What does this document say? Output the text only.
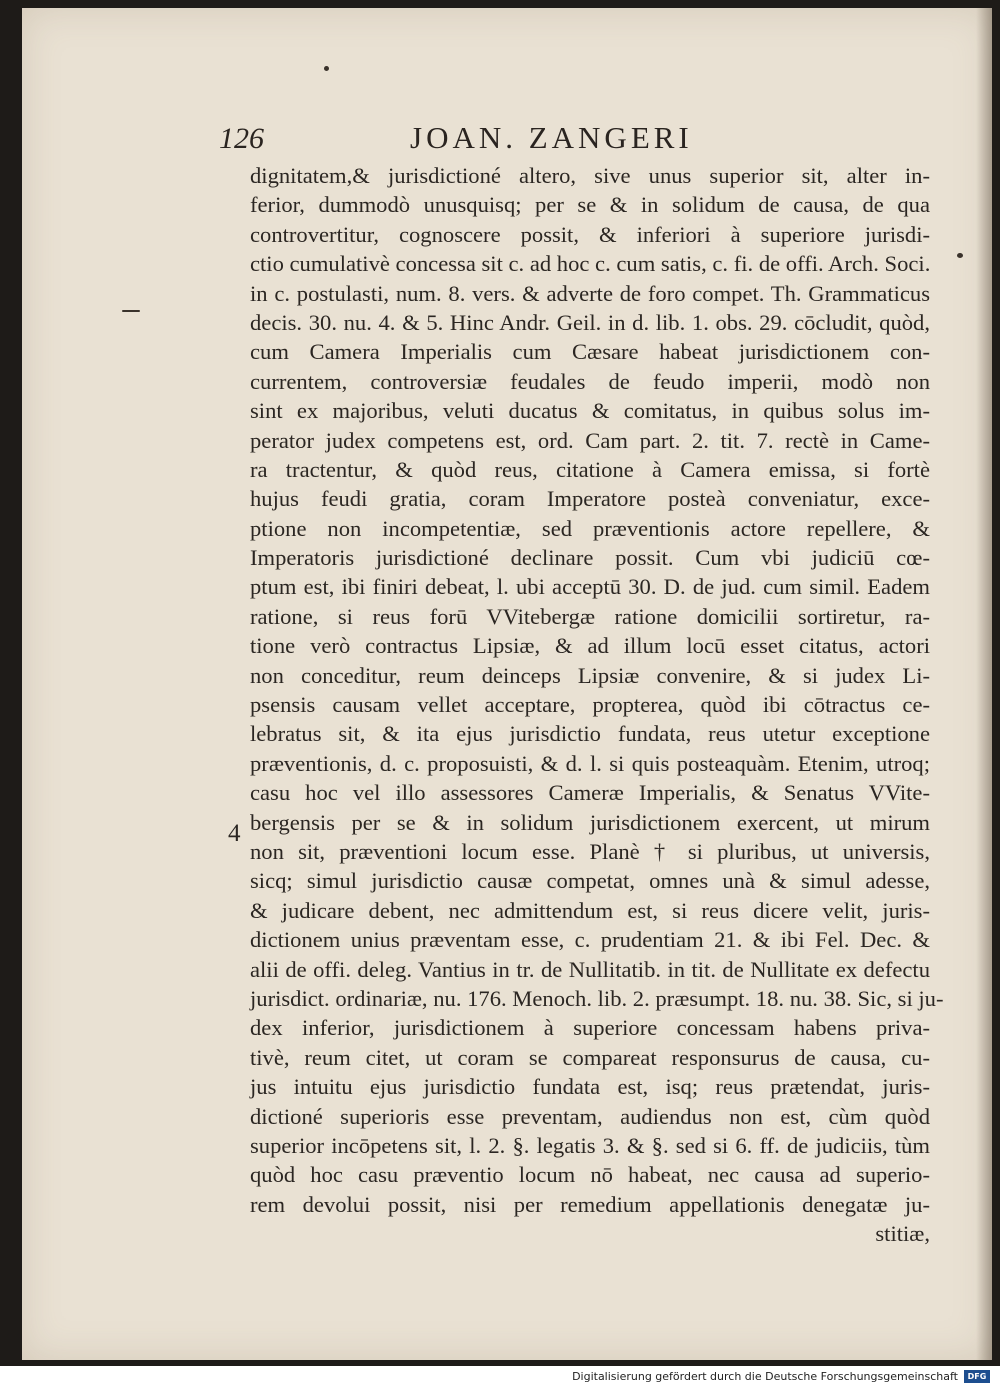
126	JOAN. ZANGERI
4
dignitatem,& jurisdictioné altero, sive unus superior sit, alter in-
ferior, dummodò unusquisq; per se & in solidum de causa, de qua
controvertitur, cognoscere possit, & inferiori à superiore jurisdi-
ctio cumulativè concessa sit c. ad hoc c. cum satis, c. fi. de offi. Arch. Soci.
in c. postulasti, num. 8. vers. & adverte de foro compet. Th. Grammaticus
decis. 30. nu. 4. & 5. Hinc Andr. Geil. in d. lib. 1. obs. 29. cōcludit, quòd,
cum Camera Imperialis cum Cæsare habeat jurisdictionem con-
currentem, controversiæ feudales de feudo imperii, modò non
sint ex majoribus, veluti ducatus & comitatus, in quibus solus im-
perator judex competens est, ord. Cam part. 2. tit. 7. rectè in Came-
ra tractentur, & quòd reus, citatione à Camera emissa, si fortè
hujus feudi gratia, coram Imperatore posteà conveniatur, exce-
ptione non incompetentiæ, sed præventionis actore repellere, &
Imperatoris jurisdictioné declinare possit. Cum vbi judiciū cœ-
ptum est, ibi finiri debeat, l. ubi acceptū 30. D. de jud. cum simil. Eadem
ratione, si reus forū VVitebergæ ratione domicilii sortiretur, ra-
tione verò contractus Lipsiæ, & ad illum locū esset citatus, actori
non conceditur, reum deinceps Lipsiæ convenire, & si judex Li-
psensis causam vellet acceptare, propterea, quòd ibi cōtractus ce-
lebratus sit, & ita ejus jurisdictio fundata, reus utetur exceptione
præventionis, d. c. proposuisti, & d. l. si quis posteaquàm. Etenim, utroq;
casu hoc vel illo assessores Cameræ Imperialis, & Senatus VVite-
bergensis per se & in solidum jurisdictionem exercent, ut mirum
non sit, præventioni locum esse. Planè † si pluribus, ut universis,
sicq; simul jurisdictio causæ competat, omnes unà & simul adesse,
& judicare debent, nec admittendum est, si reus dicere velit, juris-
dictionem unius præventam esse, c. prudentiam 21. & ibi Fel. Dec. &
alii de offi. deleg. Vantius in tr. de Nullitatib. in tit. de Nullitate ex defectu
jurisdict. ordinariæ, nu. 176. Menoch. lib. 2. præsumpt. 18. nu. 38. Sic, si ju-
dex inferior, jurisdictionem à superiore concessam habens priva-
tivè, reum citet, ut coram se compareat responsurus de causa, cu-
jus intuitu ejus jurisdictio fundata est, isq; reus prætendat, juris-
dictioné superioris esse preventam, audiendus non est, cùm quòd
superior incōpetens sit, l. 2. §. legatis 3. & §. sed si 6. ff. de judiciis, tùm
quòd hoc casu præventio locum nō habeat, nec causa ad superio-
rem devolui possit, nisi per remedium appellationis denegatæ ju-
stitiæ,
Digitalisierung gefördert durch die Deutsche Forschungsgemeinschaft	DFG
